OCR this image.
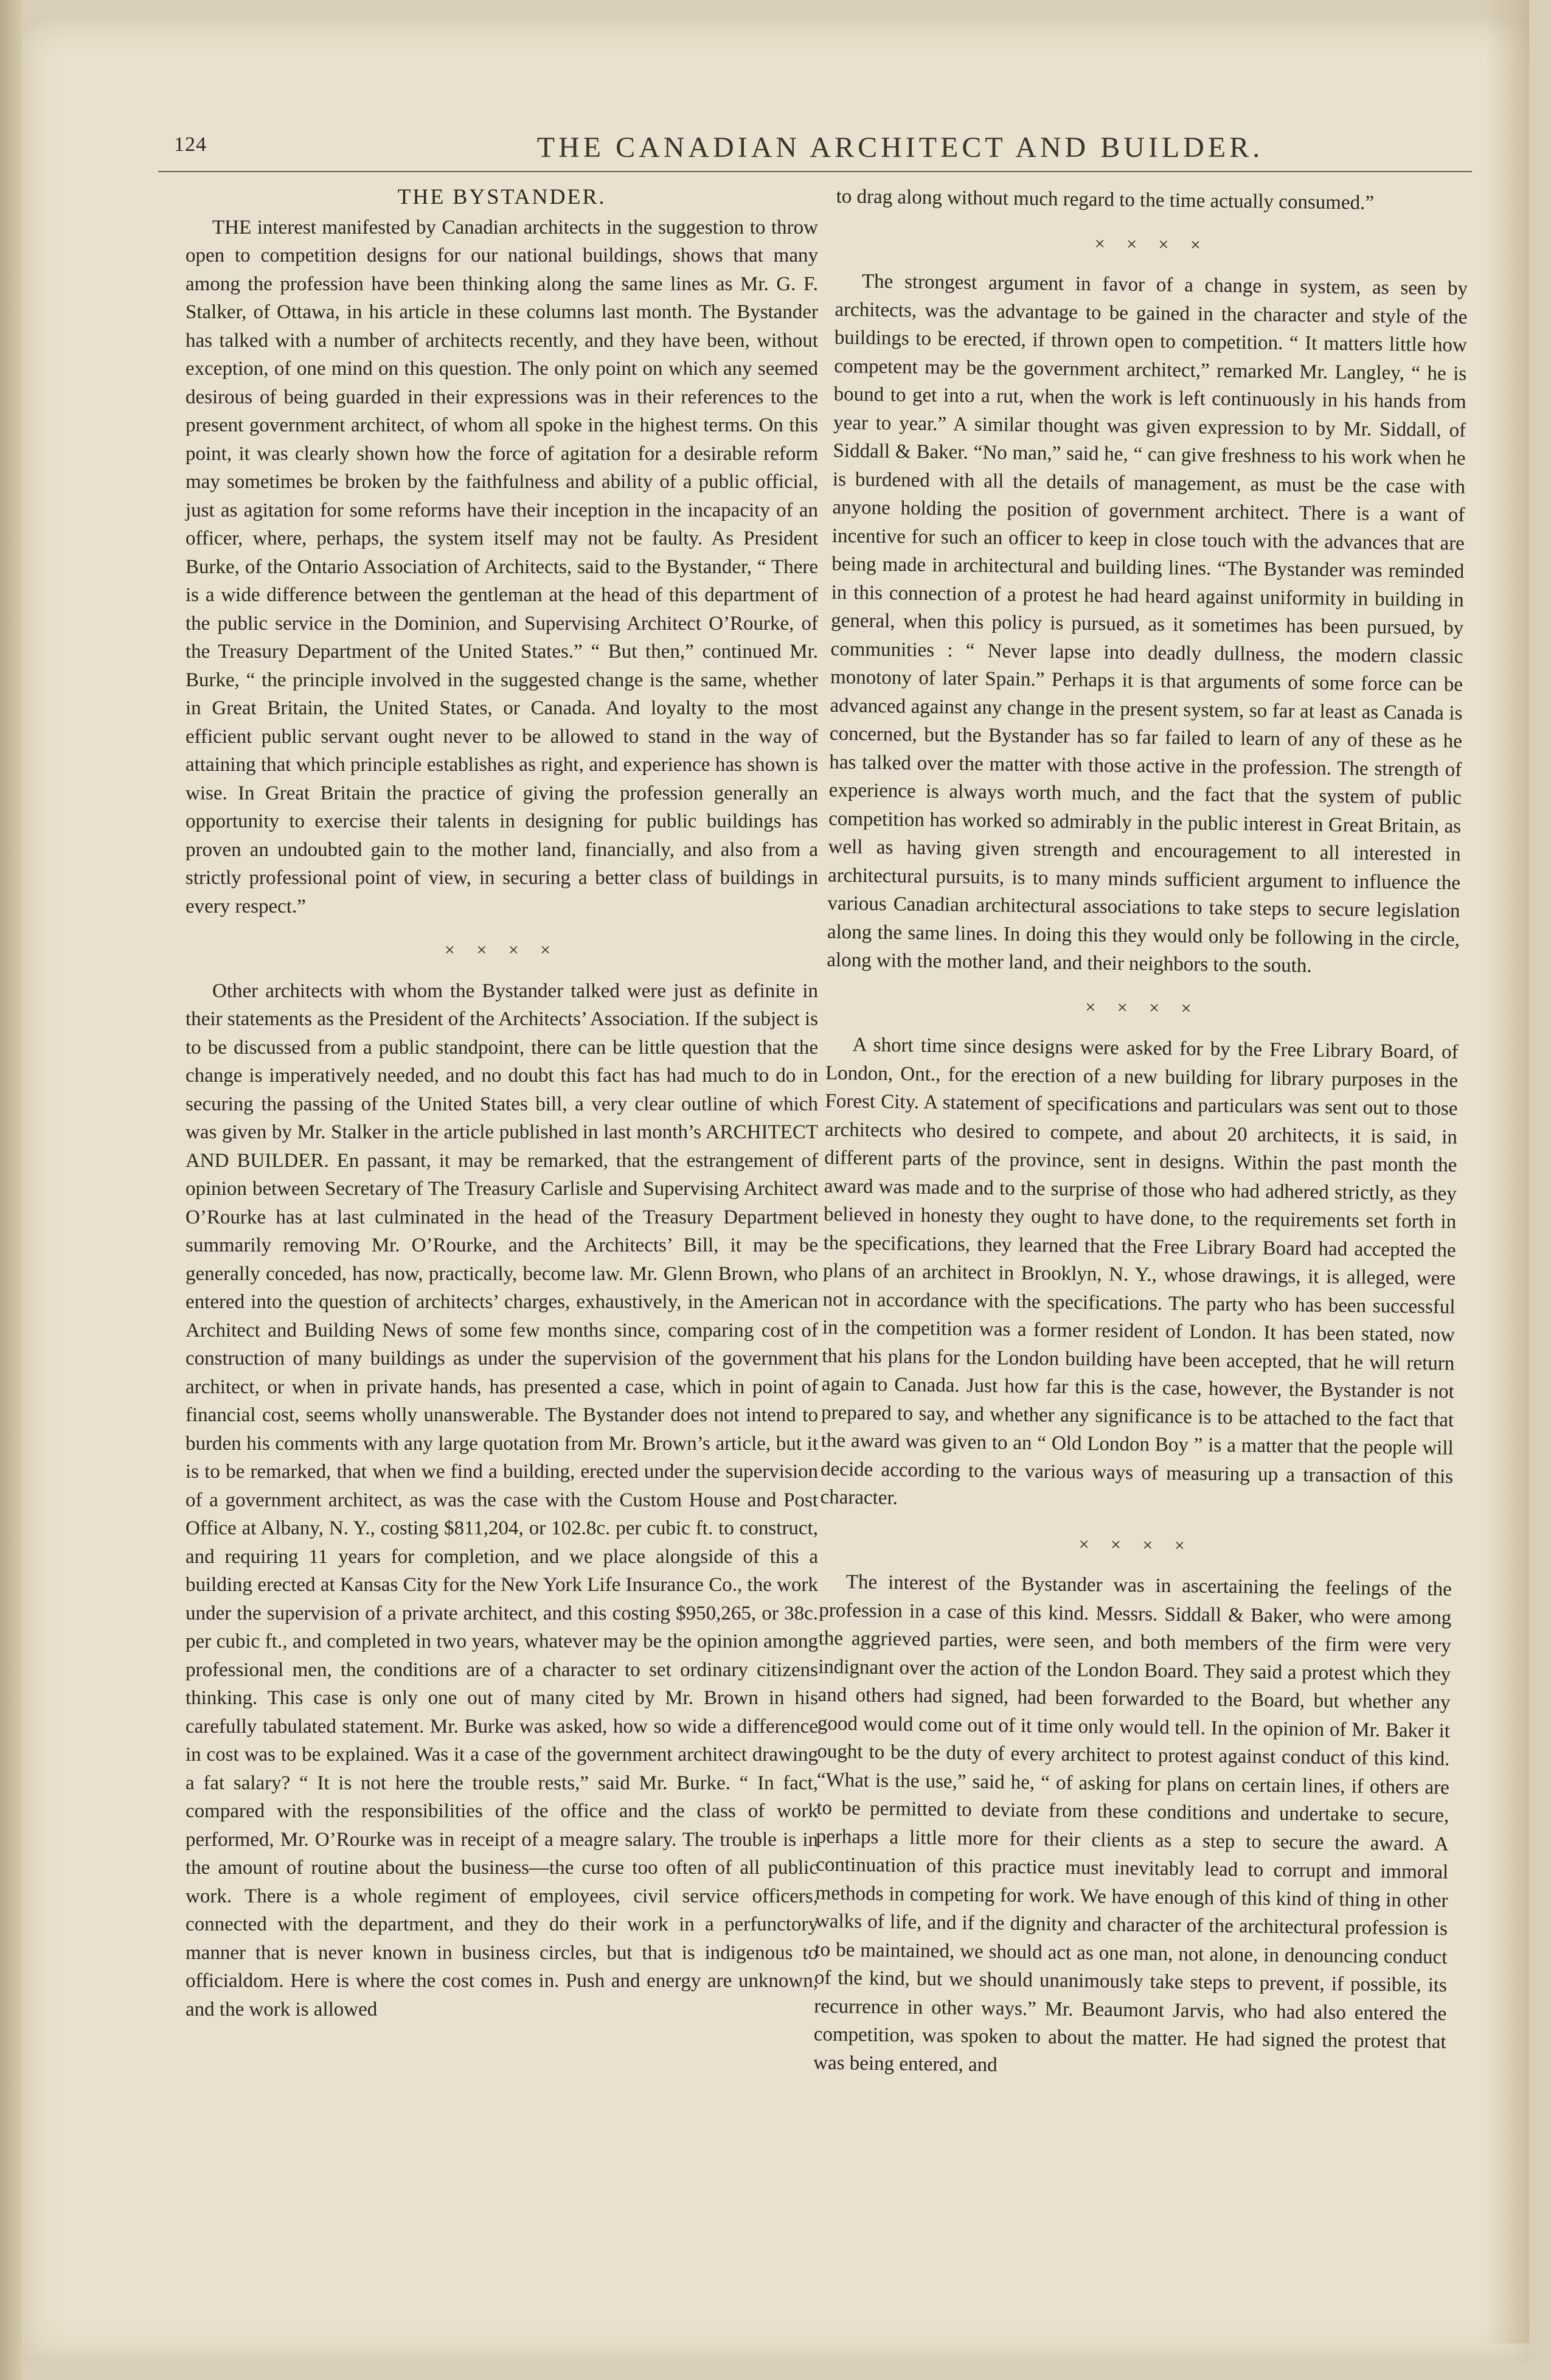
124	THE CANADIAN ARCHITECT AND BUILDER.
THE BYSTANDER.

THE interest manifested by Canadian architects in the suggestion to throw open to competition designs for our national buildings, shows that many among the profession have been thinking along the same lines as Mr. G. F. Stalker, of Ottawa, in his article in these columns last month. The Bystander has talked with a number of architects recently, and they have been, without exception, of one mind on this question. The only point on which any seemed desirous of being guarded in their expressions was in their references to the present government architect, of whom all spoke in the highest terms. On this point, it was clearly shown how the force of agitation for a desirable reform may sometimes be broken by the faithfulness and ability of a public official, just as agitation for some reforms have their inception in the incapacity of an officer, where, perhaps, the system itself may not be faulty. As President Burke, of the Ontario Association of Architects, said to the Bystander, “ There is a wide difference between the gentleman at the head of this department of the public service in the Dominion, and Supervising Architect O’Rourke, of the Treasury Department of the United States.” “ But then,” continued Mr. Burke, “ the principle involved in the suggested change is the same, whether in Great Britain, the United States, or Canada. And loyalty to the most efficient public servant ought never to be allowed to stand in the way of attaining that which principle establishes as right, and experience has shown is wise. In Great Britain the practice of giving the profession generally an opportunity to exercise their talents in designing for public buildings has proven an undoubted gain to the mother land, financially, and also from a strictly professional point of view, in securing a better class of buildings in every respect.”

× × × ×

Other architects with whom the Bystander talked were just as definite in their statements as the President of the Architects’ Association. If the subject is to be discussed from a public standpoint, there can be little question that the change is imperatively needed, and no doubt this fact has had much to do in securing the passing of the United States bill, a very clear outline of which was given by Mr. Stalker in the article published in last month’s ARCHITECT AND BUILDER. En passant, it may be remarked, that the estrangement of opinion between Secretary of The Treasury Carlisle and Supervising Architect O’Rourke has at last culminated in the head of the Treasury Department summarily removing Mr. O’Rourke, and the Architects’ Bill, it may be generally conceded, has now, practically, become law. Mr. Glenn Brown, who entered into the question of architects’ charges, exhaustively, in the American Architect and Building News of some few months since, comparing cost of construction of many buildings as under the supervision of the government architect, or when in private hands, has presented a case, which in point of financial cost, seems wholly unanswerable. The Bystander does not intend to burden his comments with any large quotation from Mr. Brown’s article, but it is to be remarked, that when we find a building, erected under the supervision of a government architect, as was the case with the Custom House and Post Office at Albany, N. Y., costing $811,204, or 102.8c. per cubic ft. to construct, and requiring 11 years for completion, and we place alongside of this a building erected at Kansas City for the New York Life Insurance Co., the work under the supervision of a private architect, and this costing $950,265, or 38c. per cubic ft., and completed in two years, whatever may be the opinion among professional men, the conditions are of a character to set ordinary citizens thinking. This case is only one out of many cited by Mr. Brown in his carefully tabulated statement. Mr. Burke was asked, how so wide a difference in cost was to be explained. Was it a case of the government architect drawing a fat salary? “ It is not here the trouble rests,” said Mr. Burke. “ In fact, compared with the responsibilities of the office and the class of work performed, Mr. O’Rourke was in receipt of a meagre salary. The trouble is in the amount of routine about the business—the curse too often of all public work. There is a whole regiment of employees, civil service officers, connected with the department, and they do their work in a perfunctory manner that is never known in business circles, but that is indigenous to officialdom. Here is where the cost comes in. Push and energy are unknown, and the work is allowed

to drag along without much regard to the time actually consumed.”

× × × ×

The strongest argument in favor of a change in system, as seen by architects, was the advantage to be gained in the character and style of the buildings to be erected, if thrown open to competition. “ It matters little how competent may be the government architect,” remarked Mr. Langley, “ he is bound to get into a rut, when the work is left continuously in his hands from year to year.” A similar thought was given expression to by Mr. Siddall, of Siddall & Baker. “No man,” said he, “ can give freshness to his work when he is burdened with all the details of management, as must be the case with anyone holding the position of government architect. There is a want of incentive for such an officer to keep in close touch with the advances that are being made in architectural and building lines. “The Bystander was reminded in this connection of a protest he had heard against uniformity in building in general, when this policy is pursued, as it sometimes has been pursued, by communities : “ Never lapse into deadly dullness, the modern classic monotony of later Spain.” Perhaps it is that arguments of some force can be advanced against any change in the present system, so far at least as Canada is concerned, but the Bystander has so far failed to learn of any of these as he has talked over the matter with those active in the profession. The strength of experience is always worth much, and the fact that the system of public competition has worked so admirably in the public interest in Great Britain, as well as having given strength and encouragement to all interested in architectural pursuits, is to many minds sufficient argument to influence the various Canadian architectural associations to take steps to secure legislation along the same lines. In doing this they would only be following in the circle, along with the mother land, and their neighbors to the south.

× × × ×

A short time since designs were asked for by the Free Library Board, of London, Ont., for the erection of a new building for library purposes in the Forest City. A statement of specifications and particulars was sent out to those architects who desired to compete, and about 20 architects, it is said, in different parts of the province, sent in designs. Within the past month the award was made and to the surprise of those who had adhered strictly, as they believed in honesty they ought to have done, to the requirements set forth in the specifications, they learned that the Free Library Board had accepted the plans of an architect in Brooklyn, N. Y., whose drawings, it is alleged, were not in accordance with the specifications. The party who has been successful in the competition was a former resident of London. It has been stated, now that his plans for the London building have been accepted, that he will return again to Canada. Just how far this is the case, however, the Bystander is not prepared to say, and whether any significance is to be attached to the fact that the award was given to an “ Old London Boy ” is a matter that the people will decide according to the various ways of measuring up a transaction of this character.

× × × ×

The interest of the Bystander was in ascertaining the feelings of the profession in a case of this kind. Messrs. Siddall & Baker, who were among the aggrieved parties, were seen, and both members of the firm were very indignant over the action of the London Board. They said a protest which they and others had signed, had been forwarded to the Board, but whether any good would come out of it time only would tell. In the opinion of Mr. Baker it ought to be the duty of every architect to protest against conduct of this kind. “What is the use,” said he, “ of asking for plans on certain lines, if others are to be permitted to deviate from these conditions and undertake to secure, perhaps a little more for their clients as a step to secure the award. A continuation of this practice must inevitably lead to corrupt and immoral methods in competing for work. We have enough of this kind of thing in other walks of life, and if the dignity and character of the architectural profession is to be maintained, we should act as one man, not alone, in denouncing conduct of the kind, but we should unanimously take steps to prevent, if possible, its recurrence in other ways.” Mr. Beaumont Jarvis, who had also entered the competition, was spoken to about the matter. He had signed the protest that was being entered, and
